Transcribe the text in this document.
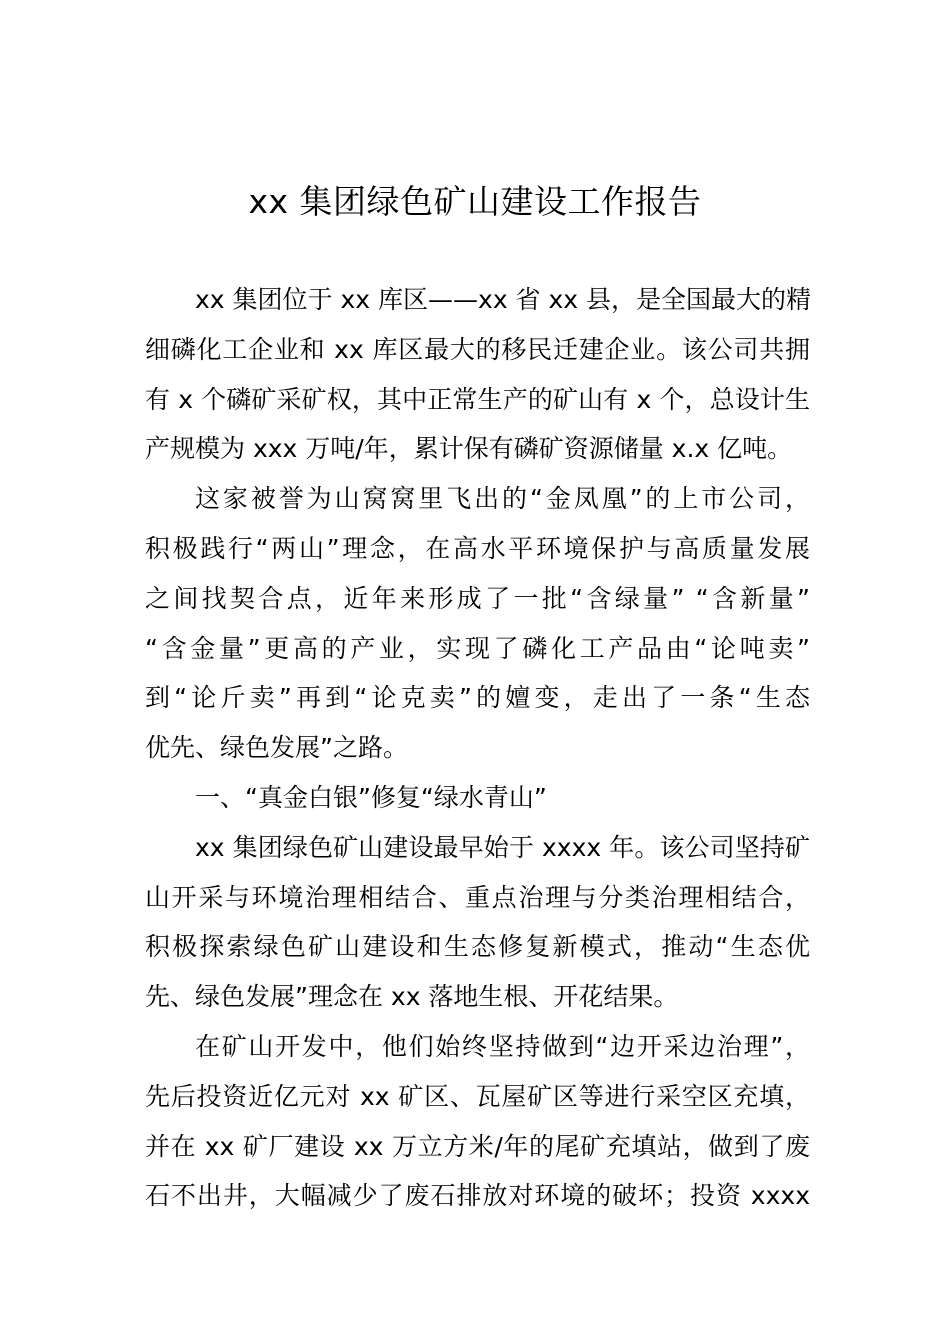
xx 集团绿色矿山建设工作报告
xx 集团位于 xx 库区——xx 省 xx 县，是全国最大的精
细磷化工企业和 xx 库区最大的移民迁建企业。该公司共拥
有 x 个磷矿采矿权，其中正常生产的矿山有 x 个，总设计生
产规模为 xxx 万吨/年，累计保有磷矿资源储量 x.x 亿吨。
这家被誉为山窝窝里飞出的“金凤凰”的上市公司，
积极践行“两山”理念，在高水平环境保护与高质量发展
之间找契合点，近年来形成了一批“含绿量” “含新量”
“含金量”更高的产业，实现了磷化工产品由“论吨卖”
到“论斤卖”再到“论克卖”的嬗变，走出了一条“生态
优先、绿色发展”之路。
一、“真金白银”修复“绿水青山”
xx 集团绿色矿山建设最早始于 xxxx 年。该公司坚持矿
山开采与环境治理相结合、重点治理与分类治理相结合，
积极探索绿色矿山建设和生态修复新模式，推动“生态优
先、绿色发展”理念在 xx 落地生根、开花结果。
在矿山开发中，他们始终坚持做到“边开采边治理”，
先后投资近亿元对 xx 矿区、瓦屋矿区等进行采空区充填，
并在 xx 矿厂建设 xx 万立方米/年的尾矿充填站，做到了废
石不出井，大幅减少了废石排放对环境的破坏；投资 xxxx
